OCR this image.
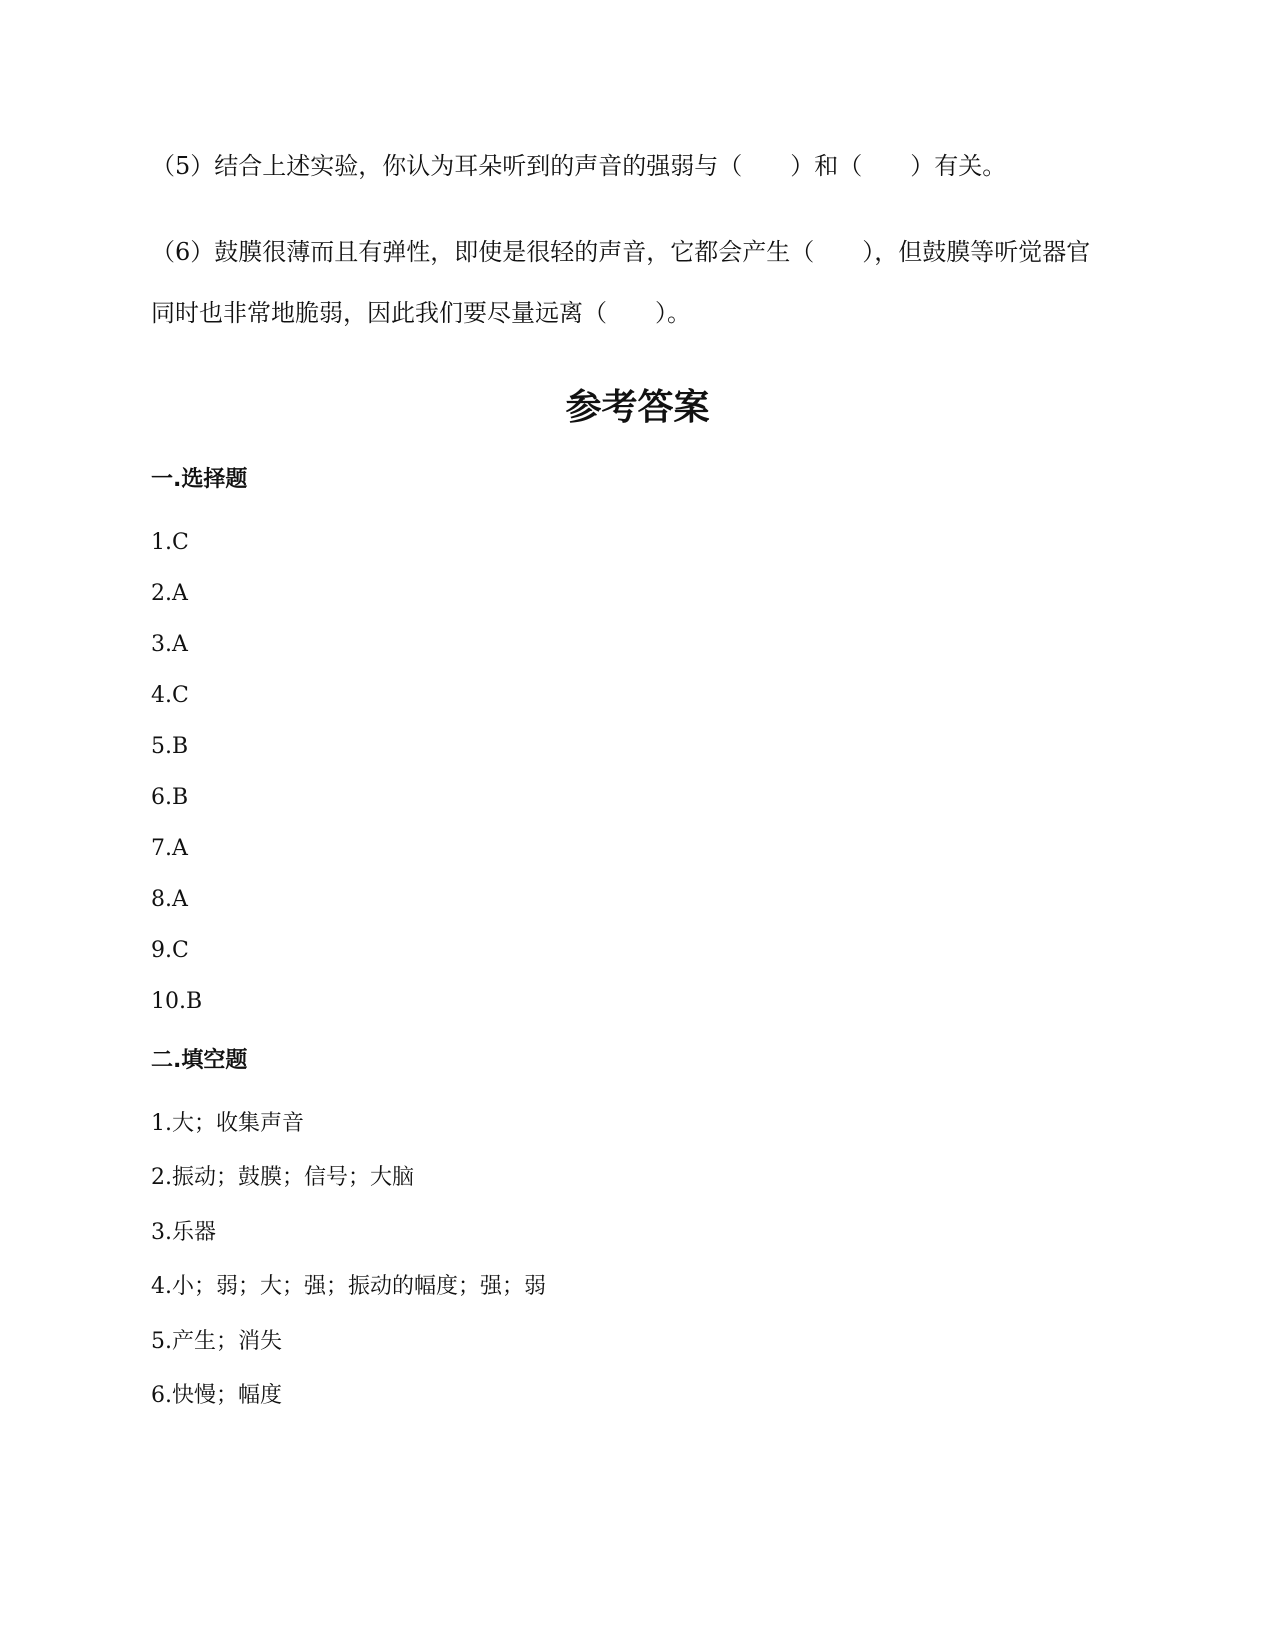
（5）结合上述实验，你认为耳朵听到的声音的强弱与（　　）和（　　）有关。
（6）鼓膜很薄而且有弹性，即使是很轻的声音，它都会产生（　　），但鼓膜等听觉器官
同时也非常地脆弱，因此我们要尽量远离（　　）。
参考答案
一.选择题
1.C
2.A
3.A
4.C
5.B
6.B
7.A
8.A
9.C
10.B
二.填空题
1.大；收集声音
2.振动；鼓膜；信号；大脑
3.乐器
4.小；弱；大；强；振动的幅度；强；弱
5.产生；消失
6.快慢；幅度
